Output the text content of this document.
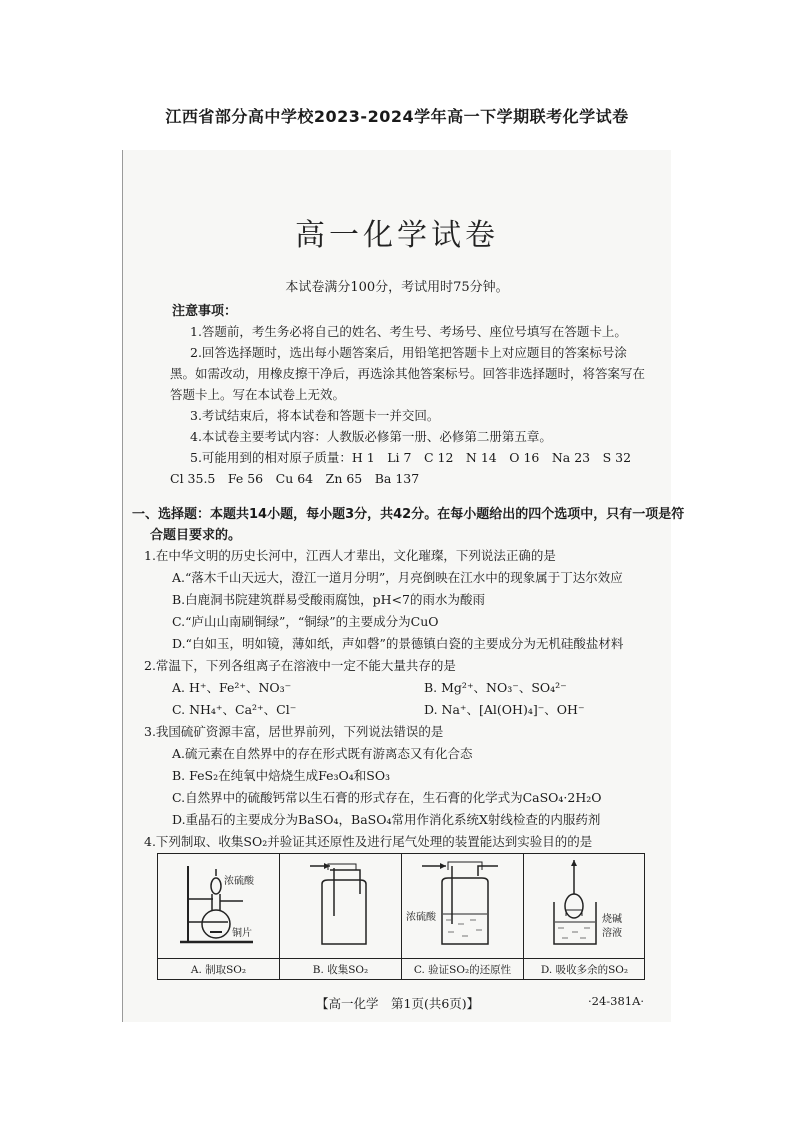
江西省部分高中学校2023-2024学年高一下学期联考化学试卷
高一化学试卷
本试卷满分100分，考试用时75分钟。
注意事项：
1.答题前，考生务必将自己的姓名、考生号、考场号、座位号填写在答题卡上。
2.回答选择题时，选出每小题答案后，用铅笔把答题卡上对应题目的答案标号涂
黑。如需改动，用橡皮擦干净后，再选涂其他答案标号。回答非选择题时，将答案写在
答题卡上。写在本试卷上无效。
3.考试结束后，将本试卷和答题卡一并交回。
4.本试卷主要考试内容：人教版必修第一册、必修第二册第五章。
5.可能用到的相对原子质量：H 1　Li 7　C 12　N 14　O 16　Na 23　S 32
Cl 35.5　Fe 56　Cu 64　Zn 65　Ba 137
一、选择题：本题共14小题，每小题3分，共42分。在每小题给出的四个选项中，只有一项是符
合题目要求的。
1.在中华文明的历史长河中，江西人才辈出，文化璀璨，下列说法正确的是
A.“落木千山天远大，澄江一道月分明”，月亮倒映在江水中的现象属于丁达尔效应
B.白鹿洞书院建筑群易受酸雨腐蚀，pH<7的雨水为酸雨
C.“庐山山南刷铜绿”，“铜绿”的主要成分为CuO
D.“白如玉，明如镜，薄如纸，声如磬”的景德镇白瓷的主要成分为无机硅酸盐材料
2.常温下，下列各组离子在溶液中一定不能大量共存的是
A. H⁺、Fe²⁺、NO₃⁻	B. Mg²⁺、NO₃⁻、SO₄²⁻
C. NH₄⁺、Ca²⁺、Cl⁻	D. Na⁺、[Al(OH)₄]⁻、OH⁻
3.我国硫矿资源丰富，居世界前列，下列说法错误的是
A.硫元素在自然界中的存在形式既有游离态又有化合态
B. FeS₂在纯氧中焙烧生成Fe₃O₄和SO₃
C.自然界中的硫酸钙常以生石膏的形式存在，生石膏的化学式为CaSO₄·2H₂O
D.重晶石的主要成分为BaSO₄，BaSO₄常用作消化系统X射线检查的内服药剂
4.下列制取、收集SO₂并验证其还原性及进行尾气处理的装置能达到实验目的的是
浓硫酸
铜片
浓硫酸	烧碱
溶液
A. 制取SO₂	B. 收集SO₂	C. 验证SO₂的还原性	D. 吸收多余的SO₂
【高一化学　第1页(共6页)】	·24-381A·
